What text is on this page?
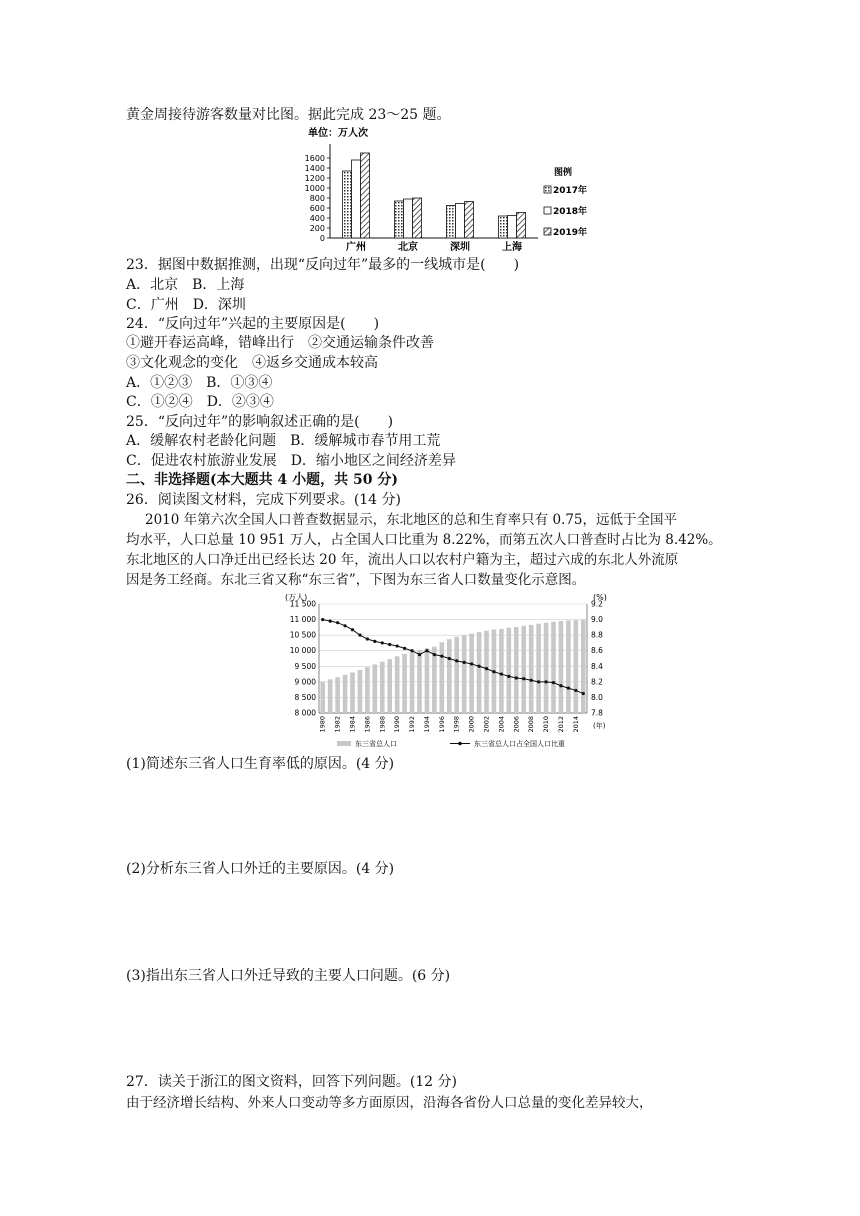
黄金周接待游客数量对比图。据此完成 23～25 题。
单位：万人次
0
200
400
600
800
1000
1200
1400
1600
广州	北京	深圳	上海
图例
2017年
2018年
2019年
23．据图中数据推测，出现“反向过年”最多的一线城市是(　　)
A．北京　B．上海
C．广州　D．深圳
24．“反向过年”兴起的主要原因是(　　)
①避开春运高峰，错峰出行　②交通运输条件改善
③文化观念的变化　④返乡交通成本较高
A．①②③　B．①③④
C．①②④　D．②③④
25．“反向过年”的影响叙述正确的是(　　)
A．缓解农村老龄化问题　B．缓解城市春节用工荒
C．促进农村旅游业发展　D．缩小地区之间经济差异
二、非选择题(本大题共 4 小题，共 50 分)
26．阅读图文材料，完成下列要求。(14 分)
2010 年第六次全国人口普查数据显示，东北地区的总和生育率只有 0.75，远低于全国平
均水平，人口总量 10 951 万人，占全国人口比重为 8.22%，而第五次人口普查时占比为 8.42%。
东北地区的人口净迁出已经长达 20 年，流出人口以农村户籍为主，超过六成的东北人外流原
因是务工经商。东北三省又称“东三省”，下图为东三省人口数量变化示意图。
(万人)	(%)
8 000
8 500
9 000
9 500
10 000
10 500
11 000
11 500
7.8
8.0
8.2
8.4
8.6
8.8
9.0
9.2
1980 1982 1984 1986 1988 1990 1992 1994 1996 1998 2000 2002 2004 2006 2008 2010 2012 2014 (年)
东三省总人口	东三省总人口占全国人口比重
(1)简述东三省人口生育率低的原因。(4 分)
(2)分析东三省人口外迁的主要原因。(4 分)
(3)指出东三省人口外迁导致的主要人口问题。(6 分)
27．读关于浙江的图文资料，回答下列问题。(12 分)
由于经济增长结构、外来人口变动等多方面原因，沿海各省份人口总量的变化差异较大，
